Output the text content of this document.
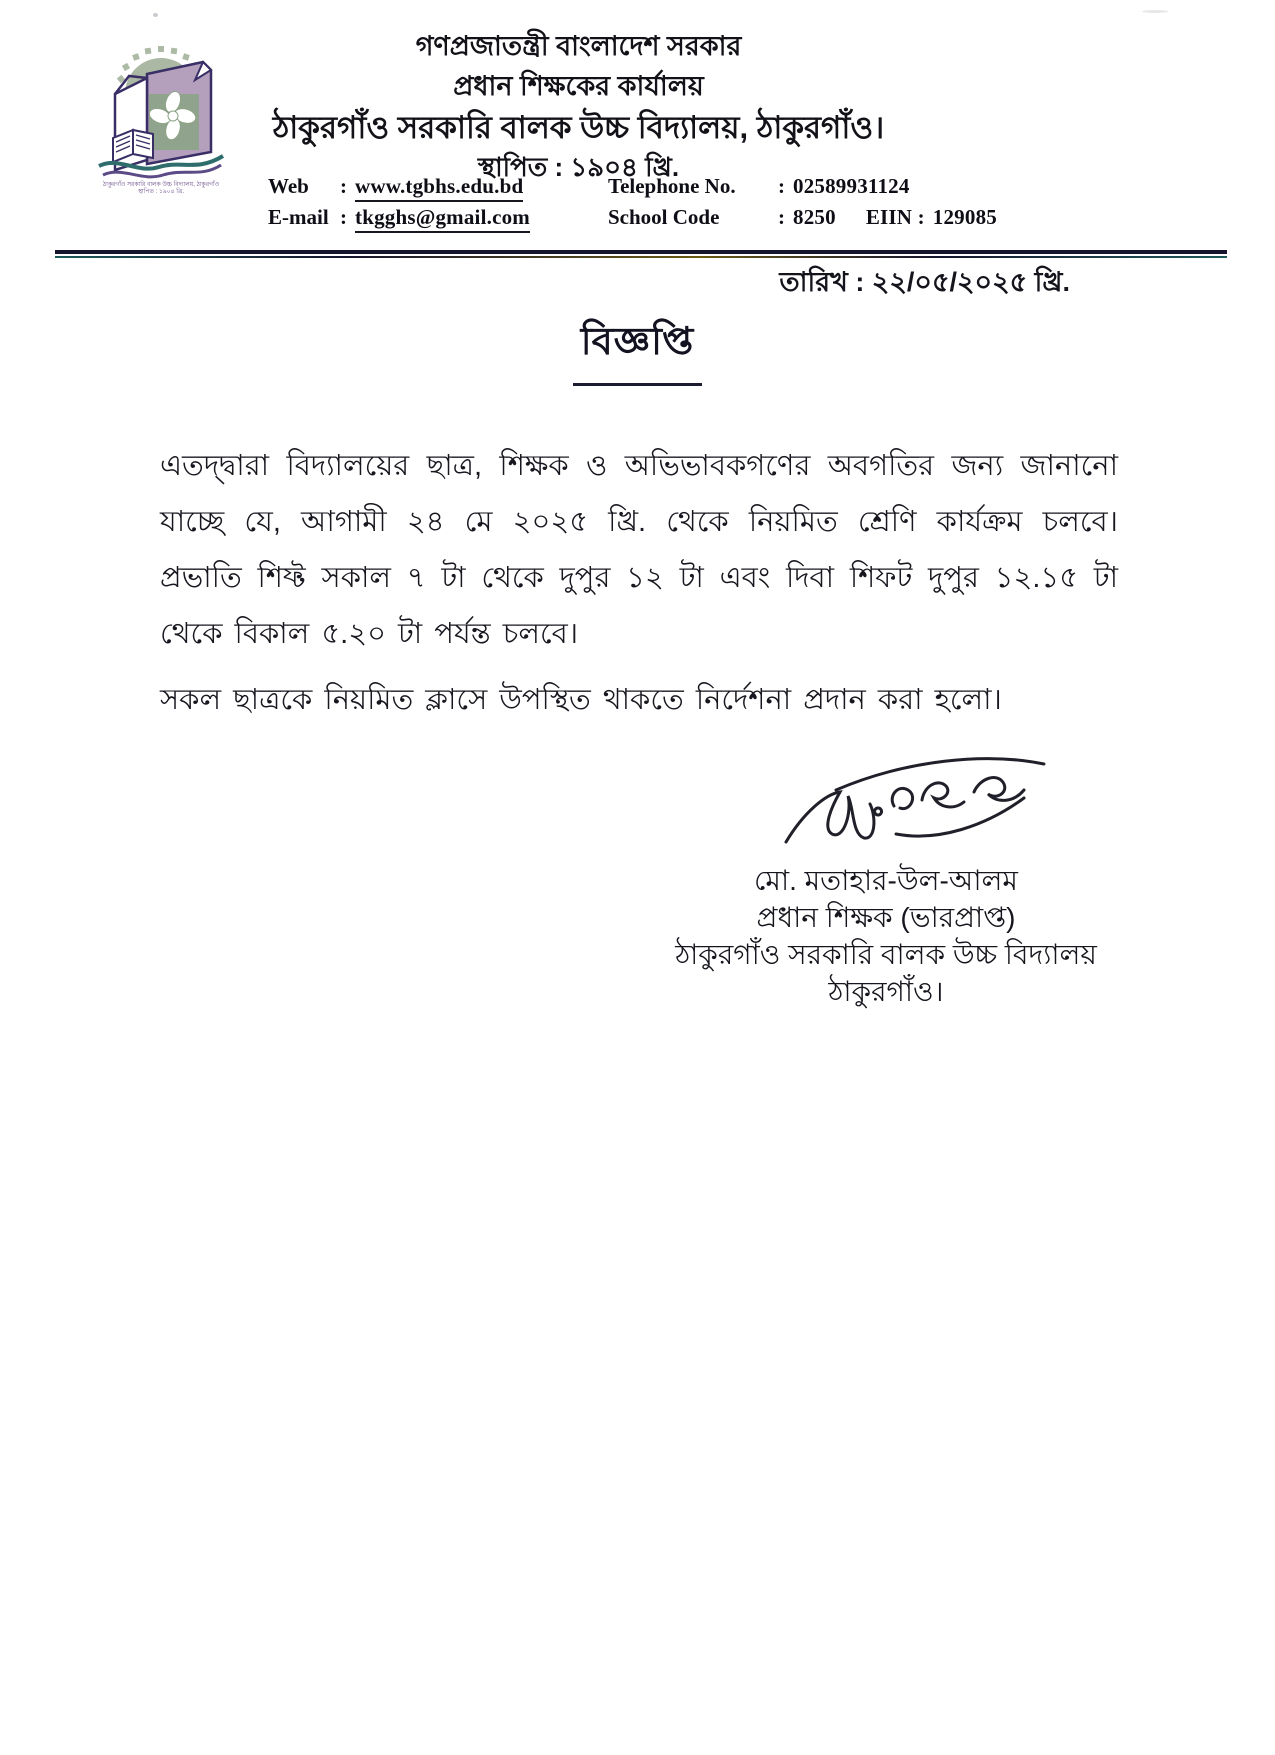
ঠাকুরগাঁও সরকারি বালক উচ্চ বিদ্যালয়, ঠাকুরগাঁও
স্থাপিত : ১৯০৪ খ্রি.
গণপ্রজাতন্ত্রী বাংলাদেশ সরকার
প্রধান শিক্ষকের কার্যালয়
ঠাকুরগাঁও সরকারি বালক উচ্চ বিদ্যালয়, ঠাকুরগাঁও।
স্থাপিত : ১৯০৪ খ্রি.
Web	: www.tgbhs.edu.bd	Telephone No.	: 02589931124
E-mail : tkgghs@gmail.com	School Code	: 8250 EIIN : 129085
তারিখ : ২২/০৫/২০২৫ খ্রি.
বিজ্ঞপ্তি
এতদ্দ্বারা বিদ্যালয়ের ছাত্র, শিক্ষক ও অভিভাবকগণের অবগতির জন্য জানানো যাচ্ছে যে, আগামী ২৪ মে ২০২৫ খ্রি. থেকে নিয়মিত শ্রেণি কার্যক্রম চলবে। প্রভাতি শিফ্ট সকাল ৭ টা থেকে দুপুর ১২ টা এবং দিবা শিফট দুপুর ১২.১৫ টা থেকে বিকাল ৫.২০ টা পর্যন্ত চলবে।
সকল ছাত্রকে নিয়মিত ক্লাসে উপস্থিত থাকতে নির্দেশনা প্রদান করা হলো।
মো. মতাহার-উল-আলম
প্রধান শিক্ষক (ভারপ্রাপ্ত)
ঠাকুরগাঁও সরকারি বালক উচ্চ বিদ্যালয়
ঠাকুরগাঁও।
